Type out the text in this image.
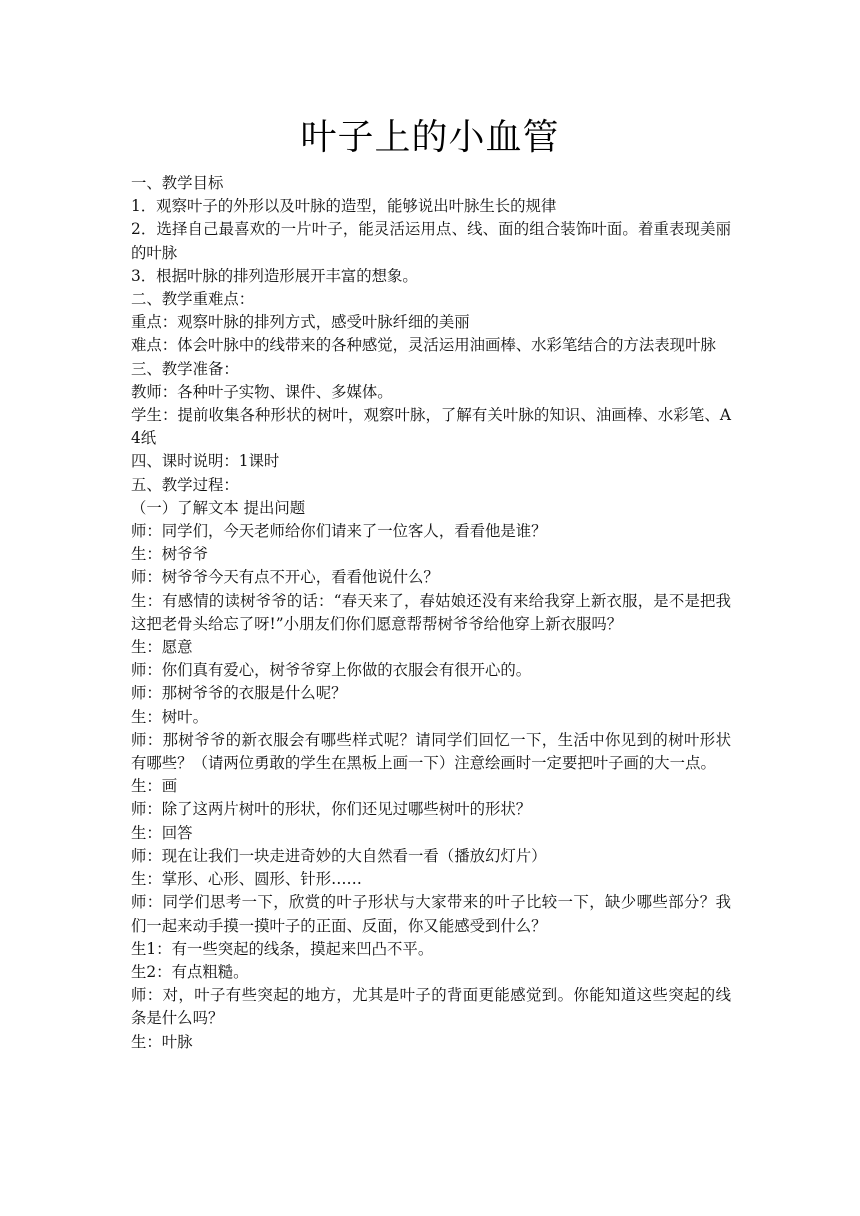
叶子上的小血管

一、教学目标

1．观察叶子的外形以及叶脉的造型，能够说出叶脉生长的规律

2．选择自己最喜欢的一片叶子，能灵活运用点、线、面的组合装饰叶面。着重表现美丽的叶脉

3．根据叶脉的排列造形展开丰富的想象。

二、教学重难点：

重点：观察叶脉的排列方式，感受叶脉纤细的美丽

难点：体会叶脉中的线带来的各种感觉，灵活运用油画棒、水彩笔结合的方法表现叶脉

三、教学准备：

教师：各种叶子实物、课件、多媒体。

学生：提前收集各种形状的树叶，观察叶脉，了解有关叶脉的知识、油画棒、水彩笔、A4纸

四、课时说明：1课时

五、教学过程：

（一）了解文本 提出问题

师：同学们，今天老师给你们请来了一位客人，看看他是谁？

生：树爷爷

师：树爷爷今天有点不开心，看看他说什么？

生：有感情的读树爷爷的话：“春天来了，春姑娘还没有来给我穿上新衣服，是不是把我这把老骨头给忘了呀!”小朋友们你们愿意帮帮树爷爷给他穿上新衣服吗？

生：愿意

师：你们真有爱心，树爷爷穿上你做的衣服会有很开心的。

师：那树爷爷的衣服是什么呢？

生：树叶。

师：那树爷爷的新衣服会有哪些样式呢？请同学们回忆一下，生活中你见到的树叶形状有哪些？（请两位勇敢的学生在黑板上画一下）注意绘画时一定要把叶子画的大一点。

生：画

师：除了这两片树叶的形状，你们还见过哪些树叶的形状？

生：回答

师：现在让我们一块走进奇妙的大自然看一看（播放幻灯片）

生：掌形、心形、圆形、针形……

师：同学们思考一下，欣赏的叶子形状与大家带来的叶子比较一下，缺少哪些部分？我们一起来动手摸一摸叶子的正面、反面，你又能感受到什么？

生1：有一些突起的线条，摸起来凹凸不平。

生2：有点粗糙。

师：对，叶子有些突起的地方，尤其是叶子的背面更能感觉到。你能知道这些突起的线条是什么吗？

生：叶脉
